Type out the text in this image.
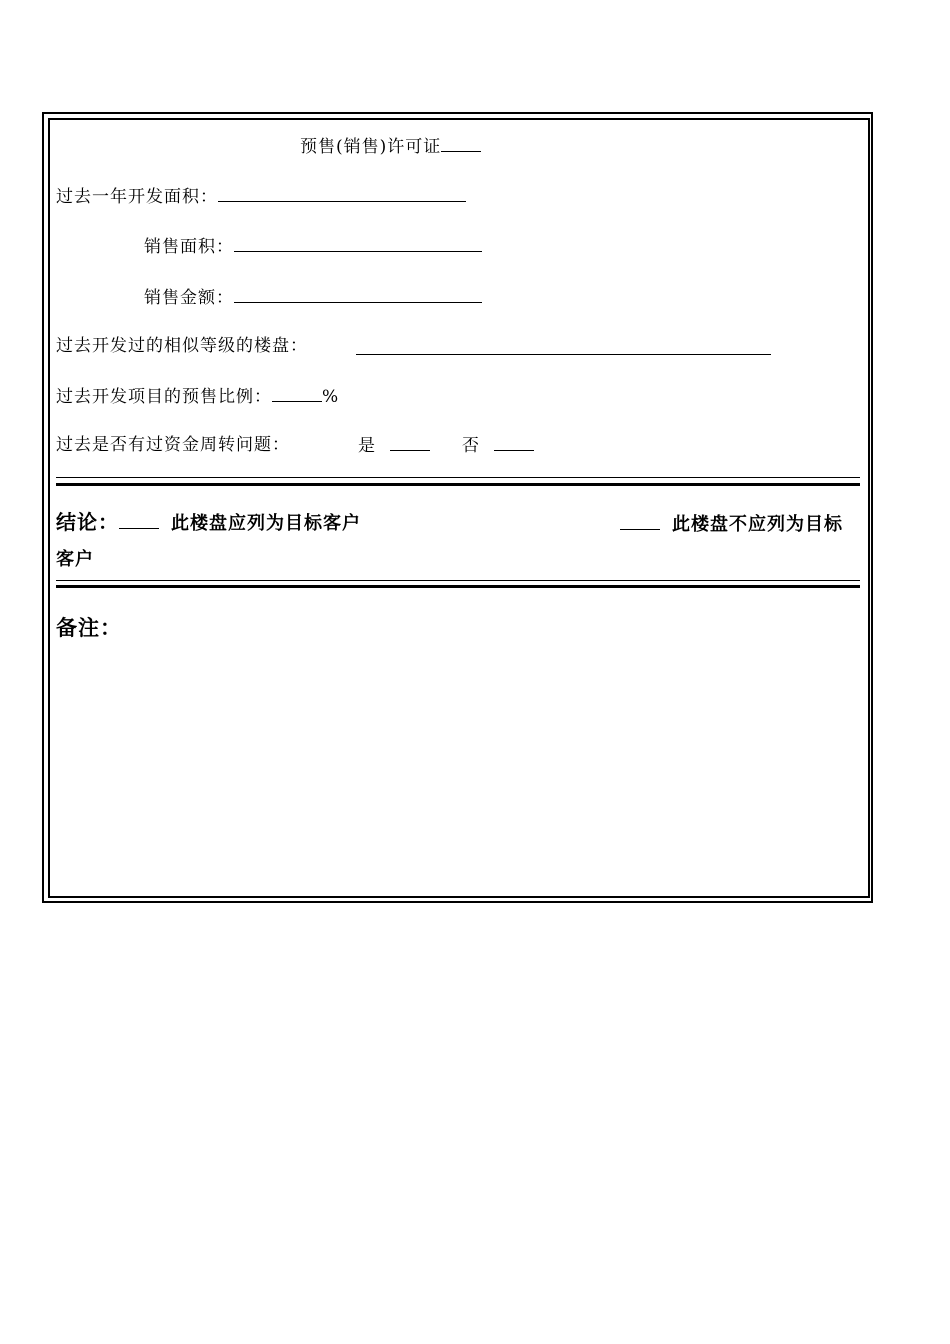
预售(销售)许可证
过去一年开发面积：
销售面积：
销售金额：
过去开发过的相似等级的楼盘：
过去开发项目的预售比例：	%
过去是否有过资金周转问题：	是	否
结论：	此楼盘应列为目标客户	此楼盘不应列为目标
客户
备注：
